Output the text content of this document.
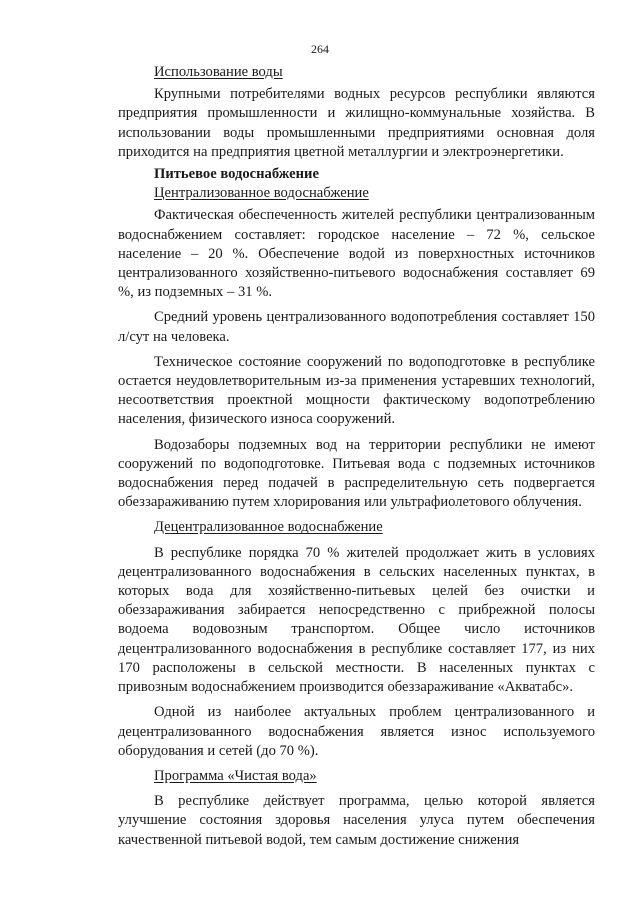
264

Использование воды

Крупными потребителями водных ресурсов республики являются предприятия промышленности и жилищно-коммунальные хозяйства. В использовании воды промышленными предприятиями основная доля приходится на предприятия цветной металлургии и электроэнергетики.

Питьевое водоснабжение

Централизованное водоснабжение

Фактическая обеспеченность жителей республики централизованным водоснабжением составляет: городское население – 72 %, сельское население – 20 %. Обеспечение водой из поверхностных источников централизованного хозяйственно-питьевого водоснабжения составляет 69 %, из подземных – 31 %.

Средний уровень централизованного водопотребления составляет 150 л/сут на человека.

Техническое состояние сооружений по водоподготовке в республике остается неудовлетворительным из-за применения устаревших технологий, несоответствия проектной мощности фактическому водопотреблению населения, физического износа сооружений.

Водозаборы подземных вод на территории республики не имеют сооружений по водоподготовке. Питьевая вода с подземных источников водоснабжения перед подачей в распределительную сеть подвергается обеззараживанию путем хлорирования или ультрафиолетового облучения.

Децентрализованное водоснабжение

В республике порядка 70 % жителей продолжает жить в условиях децентрализованного водоснабжения в сельских населенных пунктах, в которых вода для хозяйственно-питьевых целей без очистки и обеззараживания забирается непосредственно с прибрежной полосы водоема водовозным транспортом. Общее число источников децентрализованного водоснабжения в республике составляет 177, из них 170 расположены в сельской местности. В населенных пунктах с привозным водоснабжением производится обеззараживание «Акватабс».

Одной из наиболее актуальных проблем централизованного и децентрализованного водоснабжения является износ используемого оборудования и сетей (до 70 %).

Программа «Чистая вода»

В республике действует программа, целью которой является улучшение состояния здоровья населения улуса путем обеспечения качественной питьевой водой, тем самым достижение снижения
